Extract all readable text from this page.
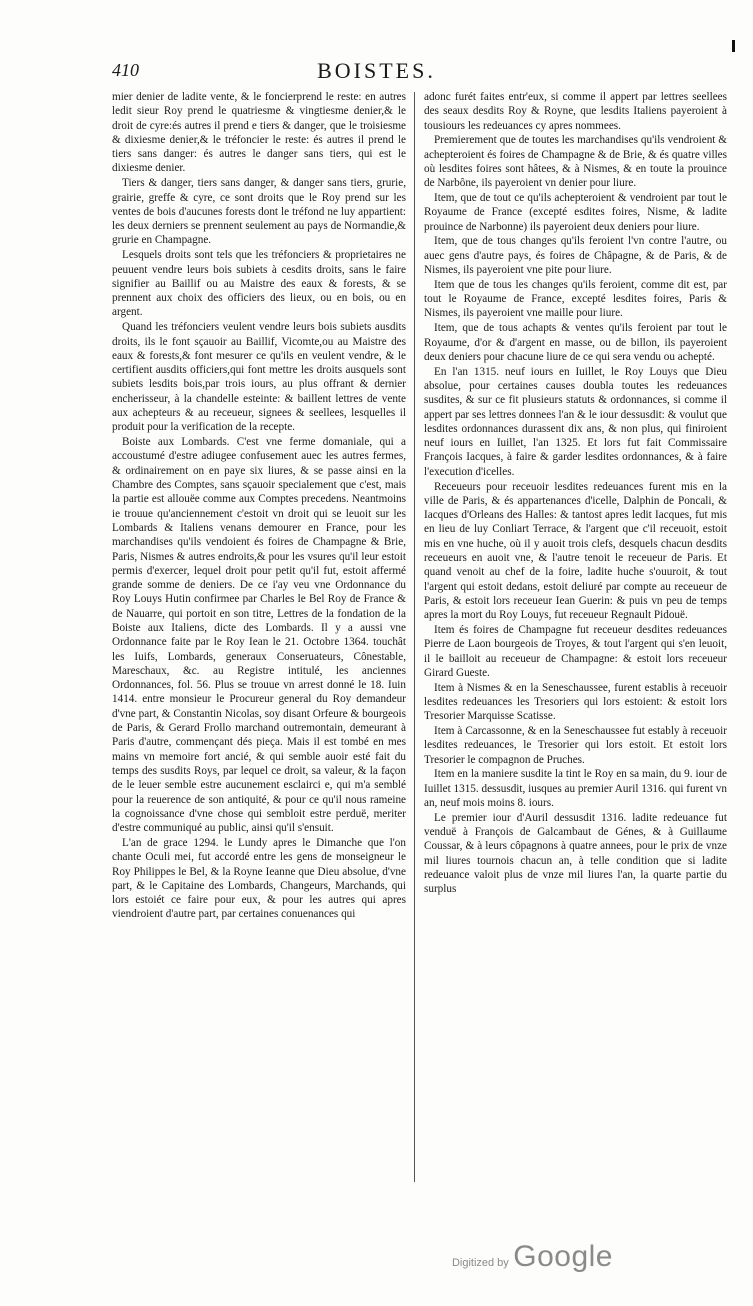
410	BOISTES.

mier denier de ladite vente, & le foncierprend le reste: en autres ledit sieur Roy prend le quatriesme & vingtiesme denier,& le droit de cyre:és autres il prend e tiers & danger, que le troisiesme & dixiesme denier,& le tréfoncier le reste: és autres il prend le tiers sans danger: és autres le danger sans tiers, qui est le dixiesme denier.

Tiers & danger, tiers sans danger, & danger sans tiers, grurie, grairie, greffe & cyre, ce sont droits que le Roy prend sur les ventes de bois d'aucunes forests dont le tréfond ne luy appartient: les deux derniers se prennent seulement au pays de Normandie,& grurie en Champagne.

Lesquels droits sont tels que les tréfonciers & proprietaires ne peuuent vendre leurs bois subiets à cesdits droits, sans le faire signifier au Baillif ou au Maistre des eaux & forests, & se prennent aux choix des officiers des lieux, ou en bois, ou en argent.

Quand les tréfonciers veulent vendre leurs bois subiets ausdits droits, ils le font sçauoir au Baillif, Vicomte,ou au Maistre des eaux & forests,& font mesurer ce qu'ils en veulent vendre, & le certifient ausdits officiers,qui font mettre les droits ausquels sont subiets lesdits bois,par trois iours, au plus offrant & dernier encherisseur, à la chandelle esteinte: & baillent lettres de vente aux achepteurs & au receueur, signees & seellees, lesquelles il produit pour la verification de la recepte.

Boiste aux Lombards. C'est vne ferme domaniale, qui a accoustumé d'estre adiugee confusement auec les autres fermes, & ordinairement on en paye six liures, & se passe ainsi en la Chambre des Comptes, sans sçauoir specialement que c'est, mais la partie est allouëe comme aux Comptes precedens. Neantmoins ie trouue qu'anciennement c'estoit vn droit qui se leuoit sur les Lombards & Italiens venans demourer en France, pour les marchandises qu'ils vendoient és foires de Champagne & Brie, Paris, Nismes & autres endroits,& pour les vsures qu'il leur estoit permis d'exercer, lequel droit pour petit qu'il fut, estoit affermé grande somme de deniers. De ce i'ay veu vne Ordonnance du Roy Louys Hutin confirmee par Charles le Bel Roy de France & de Nauarre, qui portoit en son titre, Lettres de la fondation de la Boiste aux Italiens, dicte des Lombards. Il y a aussi vne Ordonnance faite par le Roy Iean le 21. Octobre 1364. touchât les Iuifs, Lombards, generaux Conseruateurs, Cônestable, Mareschaux, &c. au Registre intitulé, les anciennes Ordonnances, fol. 56. Plus se trouue vn arrest donné le 18. Iuin 1414. entre monsieur le Procureur general du Roy demandeur d'vne part, & Constantin Nicolas, soy disant Orfeure & bourgeois de Paris, & Gerard Frollo marchand outremontain, demeurant à Paris d'autre, commençant dés pieça. Mais il est tombé en mes mains vn memoire fort ancié, & qui semble auoir esté fait du temps des susdits Roys, par lequel ce droit, sa valeur, & la façon de le leuer semble estre aucunement esclairci e, qui m'a semblé pour la reuerence de son antiquité, & pour ce qu'il nous rameine la cognoissance d'vne chose qui sembloit estre perduë, meriter d'estre communiqué au public, ainsi qu'il s'ensuit.

L'an de grace 1294. le Lundy apres le Dimanche que l'on chante Oculi mei, fut accordé entre les gens de monseigneur le Roy Philippes le Bel, & la Royne Ieanne que Dieu absolue, d'vne part, & le Capitaine des Lombards, Changeurs, Marchands, qui lors estoiét ce faire pour eux, & pour les autres qui apres viendroient d'autre part, par certaines conuenances qui

adonc furét faites entr'eux, si comme il appert par lettres seellees des seaux desdits Roy & Royne, que lesdits Italiens payeroient à tousiours les redeuances cy apres nommees.

Premierement que de toutes les marchandises qu'ils vendroient & achepteroient és foires de Champagne & de Brie, & és quatre villes où lesdites foires sont hâtees, & à Nismes, & en toute la prouince de Narbône, ils payeroient vn denier pour liure.

Item, que de tout ce qu'ils achepteroient & vendroient par tout le Royaume de France (excepté esdites foires, Nisme, & ladite prouince de Narbonne) ils payeroient deux deniers pour liure.

Item, que de tous changes qu'ils feroient l'vn contre l'autre, ou auec gens d'autre pays, és foires de Châpagne, & de Paris, & de Nismes, ils payeroient vne pite pour liure.

Item que de tous les changes qu'ils feroient, comme dit est, par tout le Royaume de France, excepté lesdites foires, Paris & Nismes, ils payeroient vne maille pour liure.

Item, que de tous achapts & ventes qu'ils feroient par tout le Royaume, d'or & d'argent en masse, ou de billon, ils payeroient deux deniers pour chacune liure de ce qui sera vendu ou achepté.

En l'an 1315. neuf iours en Iuillet, le Roy Louys que Dieu absolue, pour certaines causes doubla toutes les redeuances susdites, & sur ce fit plusieurs statuts & ordonnances, si comme il appert par ses lettres donnees l'an & le iour dessusdit: & voulut que lesdites ordonnances durassent dix ans, & non plus, qui finiroient neuf iours en Iuillet, l'an 1325. Et lors fut fait Commissaire François Iacques, à faire & garder lesdites ordonnances, & à faire l'execution d'icelles.

Receueurs pour receuoir lesdites redeuances furent mis en la ville de Paris, & és appartenances d'icelle, Dalphin de Poncali, & Iacques d'Orleans des Halles: & tantost apres ledit Iacques, fut mis en lieu de luy Conliart Terrace, & l'argent que c'il receuoit, estoit mis en vne huche, où il y auoit trois clefs, desquels chacun desdits receueurs en auoit vne, & l'autre tenoit le receueur de Paris. Et quand venoit au chef de la foire, ladite huche s'ouuroit, & tout l'argent qui estoit dedans, estoit deliuré par compte au receueur de Paris, & estoit lors receueur Iean Guerin: & puis vn peu de temps apres la mort du Roy Louys, fut receueur Regnault Pidouë.

Item és foires de Champagne fut receueur desdites redeuances Pierre de Laon bourgeois de Troyes, & tout l'argent qui s'en leuoit, il le bailloit au receueur de Champagne: & estoit lors receueur Girard Gueste.

Item à Nismes & en la Seneschaussee, furent establis à receuoir lesdites redeuances les Tresoriers qui lors estoient: & estoit lors Tresorier Marquisse Scatisse.

Item à Carcassonne, & en la Seneschaussee fut estably à receuoir lesdites redeuances, le Tresorier qui lors estoit. Et estoit lors Tresorier le compagnon de Pruches.

Item en la maniere susdite la tint le Roy en sa main, du 9. iour de Iuillet 1315. dessusdit, iusques au premier Auril 1316. qui furent vn an, neuf mois moins 8. iours.

Le premier iour d'Auril dessusdit 1316. ladite redeuance fut venduë à François de Galcambaut de Génes, & à Guillaume Coussar, & à leurs côpagnons à quatre annees, pour le prix de vnze mil liures tournois chacun an, à telle condition que si ladite redeuance valoit plus de vnze mil liures l'an, la quarte partie du surplus

Digitized by Google
